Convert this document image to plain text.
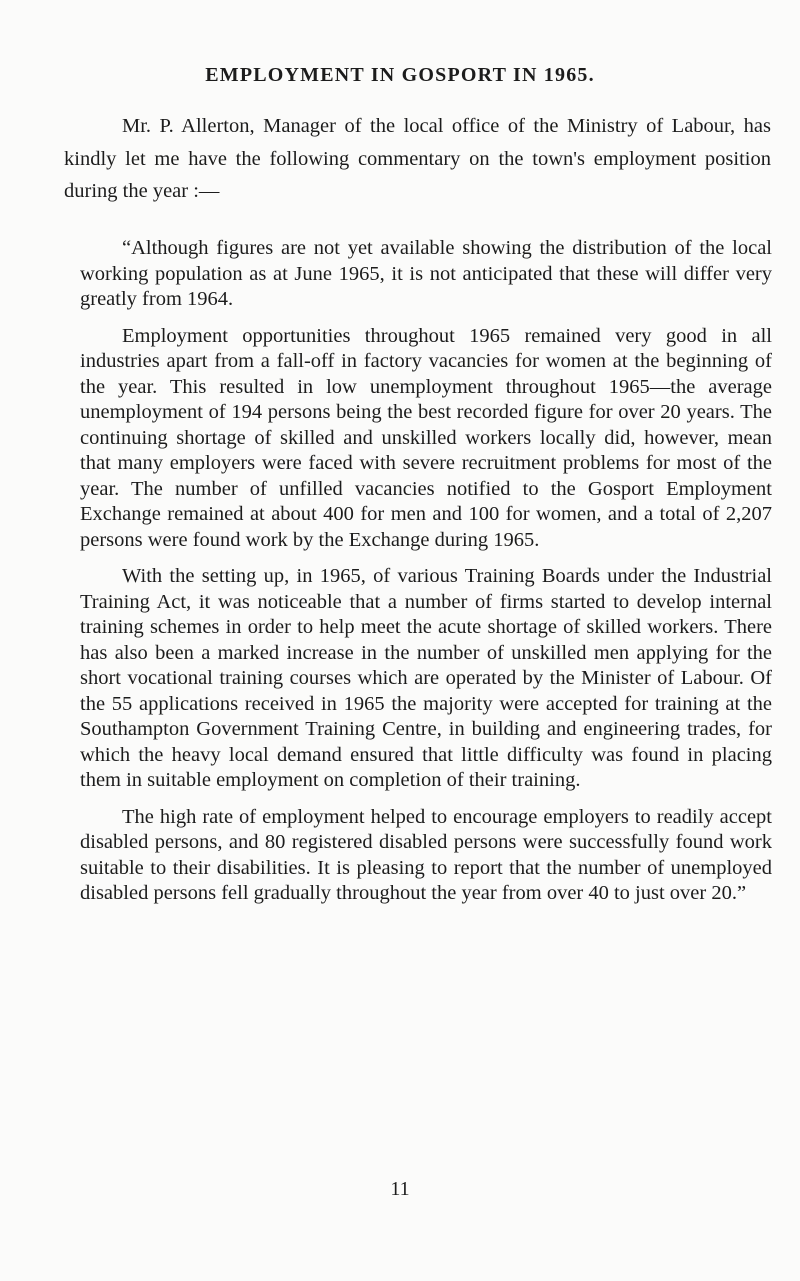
EMPLOYMENT IN GOSPORT IN 1965.

Mr. P. Allerton, Manager of the local office of the Ministry of Labour, has kindly let me have the following commentary on the town's employment position during the year :—

“Although figures are not yet available showing the distribution of the local working population as at June 1965, it is not anticipated that these will differ very greatly from 1964.

Employment opportunities throughout 1965 remained very good in all industries apart from a fall-off in factory vacancies for women at the beginning of the year. This resulted in low unemployment throughout 1965—the average unemployment of 194 persons being the best recorded figure for over 20 years. The continuing shortage of skilled and unskilled workers locally did, however, mean that many employers were faced with severe recruitment problems for most of the year. The number of unfilled vacancies notified to the Gosport Employment Exchange remained at about 400 for men and 100 for women, and a total of 2,207 persons were found work by the Exchange during 1965.

With the setting up, in 1965, of various Training Boards under the Industrial Training Act, it was noticeable that a number of firms started to develop internal training schemes in order to help meet the acute shortage of skilled workers. There has also been a marked increase in the number of unskilled men applying for the short vocational training courses which are operated by the Minister of Labour. Of the 55 applications received in 1965 the majority were accepted for training at the Southampton Government Training Centre, in building and engineering trades, for which the heavy local demand ensured that little difficulty was found in placing them in suitable employment on completion of their training.

The high rate of employment helped to encourage employers to readily accept disabled persons, and 80 registered disabled persons were successfully found work suitable to their disabilities. It is pleasing to report that the number of unemployed disabled persons fell gradually throughout the year from over 40 to just over 20.”

11
